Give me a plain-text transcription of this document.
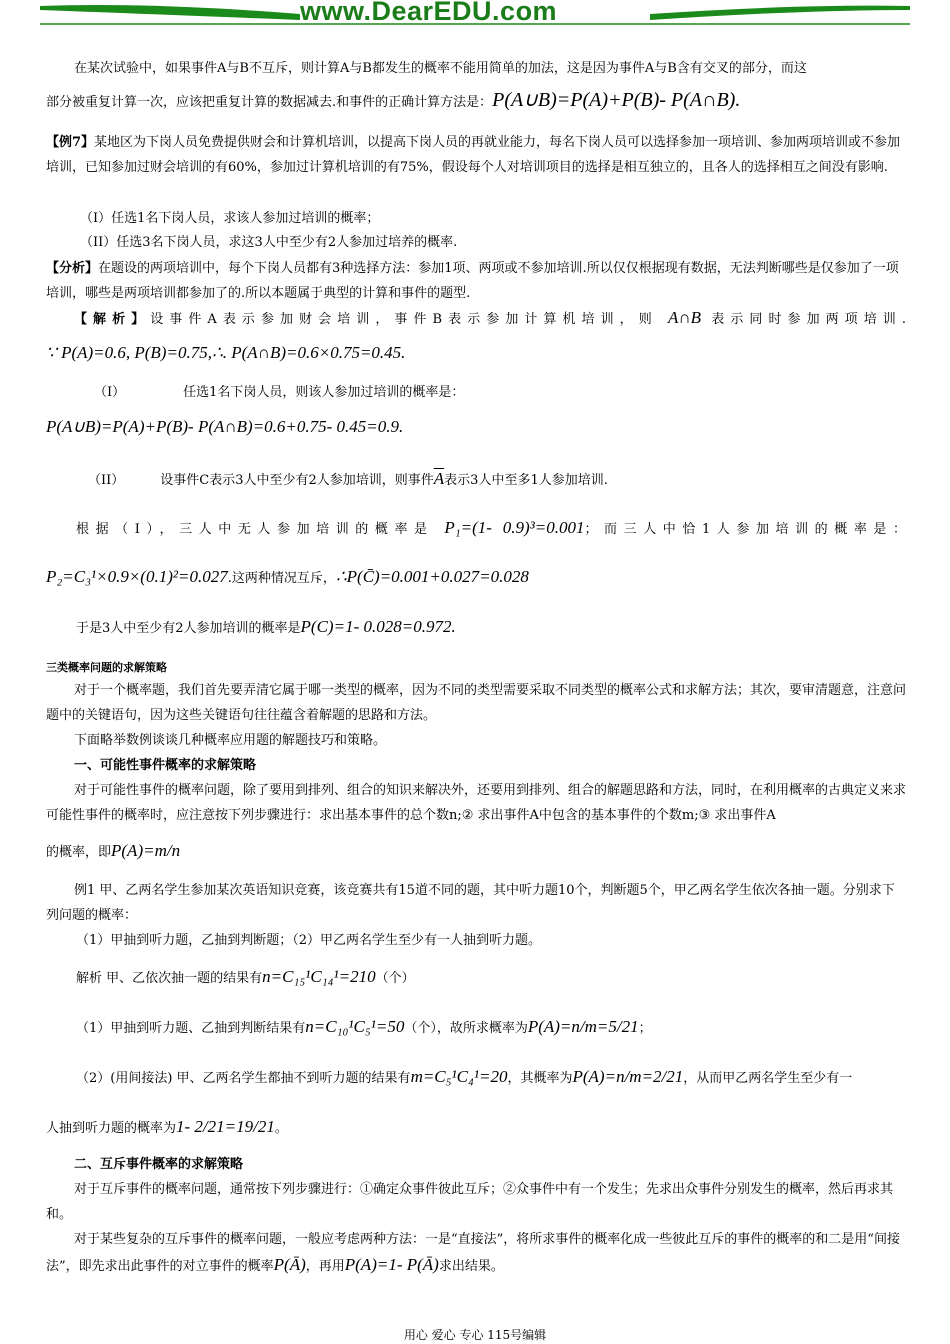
www.DearEDU.com

在某次试验中，如果事件A与B不互斥，则计算A与B都发生的概率不能用简单的加法，这是因为事件A与B含有交叉的部分，而这

部分被重复计算一次，应该把重复计算的数据减去.和事件的正确计算方法是：P(A∪B)=P(A)+P(B)- P(A∩B).

【例7】某地区为下岗人员免费提供财会和计算机培训，以提高下岗人员的再就业能力，每名下岗人员可以选择参加一项培训、参加两项培训或不参加培训，已知参加过财会培训的有60%，参加过计算机培训的有75%，假设每个人对培训项目的选择是相互独立的，且各人的选择相互之间没有影响.

（I）任选1名下岗人员，求该人参加过培训的概率；

（II）任选3名下岗人员，求这3人中至少有2人参加过培养的概率.

【分析】在题设的两项培训中，每个下岗人员都有3种选择方法：参加1项、两项或不参加培训.所以仅仅根据现有数据，无法判断哪些是仅参加了一项培训，哪些是两项培训都参加了的.所以本题属于典型的计算和事件的题型.

【解析】设事件A表示参加财会培训，事件B表示参加计算机培训，则 A∩B 表示同时参加两项培训.

∵ P(A)=0.6, P(B)=0.75,∴. P(A∩B)=0.6×0.75=0.45.

（I）	任选1名下岗人员，则该人参加过培训的概率是：

P(A∪B)=P(A)+P(B)- P(A∩B)=0.6+0.75- 0.45=0.9.

（II）	设事件C表示3人中至少有2人参加培训，则事件$\overline{A}$表示3人中至多1人参加培训.

根据（I），三人中无人参加培训的概率是 P₁=(1- 0.9)³=0.001；而三人中恰1人参加培训的概率是：

P₂=C₃¹×0.9×(0.1)²=0.027.这两种情况互斥，∴P(C̄)=0.001+0.027=0.028

于是3人中至少有2人参加培训的概率是P(C)=1- 0.028=0.972.

三类概率问题的求解策略

对于一个概率题，我们首先要弄清它属于哪一类型的概率，因为不同的类型需要采取不同类型的概率公式和求解方法；其次，要审清题意，注意问题中的关键语句，因为这些关键语句往往蕴含着解题的思路和方法。

下面略举数例谈谈几种概率应用题的解题技巧和策略。

一、可能性事件概率的求解策略

对于可能性事件的概率问题，除了要用到排列、组合的知识来解决外，还要用到排列、组合的解题思路和方法，同时，在利用概率的古典定义来求可能性事件的概率时，应注意按下列步骤进行：求出基本事件的总个数n;② 求出事件A中包含的基本事件的个数m;③ 求出事件A

的概率，即P(A)=m/n

例1 甲、乙两名学生参加某次英语知识竞赛，该竞赛共有15道不同的题，其中听力题10个，判断题5个，甲乙两名学生依次各抽一题。分别求下列问题的概率：

（1）甲抽到听力题，乙抽到判断题；（2）甲乙两名学生至少有一人抽到听力题。

解析 甲、乙依次抽一题的结果有n=C₁₅¹C₁₄¹=210（个）

（1）甲抽到听力题、乙抽到判断结果有n=C₁₀¹C₅¹=50（个），故所求概率为P(A)=n/m=5/21；

（2）(用间接法) 甲、乙两名学生都抽不到听力题的结果有m=C₅¹C₄¹=20，其概率为P(A)=n/m=2/21，从而甲乙两名学生至少有一

人抽到听力题的概率为1- 2/21=19/21。

二、互斥事件概率的求解策略

对于互斥事件的概率问题，通常按下列步骤进行：①确定众事件彼此互斥；②众事件中有一个发生；先求出众事件分别发生的概率，然后再求其和。

对于某些复杂的互斥事件的概率问题，一般应考虑两种方法：一是“直接法”，将所求事件的概率化成一些彼此互斥的事件的概率的和二是用“间接法”，即先求出此事件的对立事件的概率P(Ā)，再用P(A)=1- P(Ā)求出结果。

用心 爱心 专心 115号编辑
